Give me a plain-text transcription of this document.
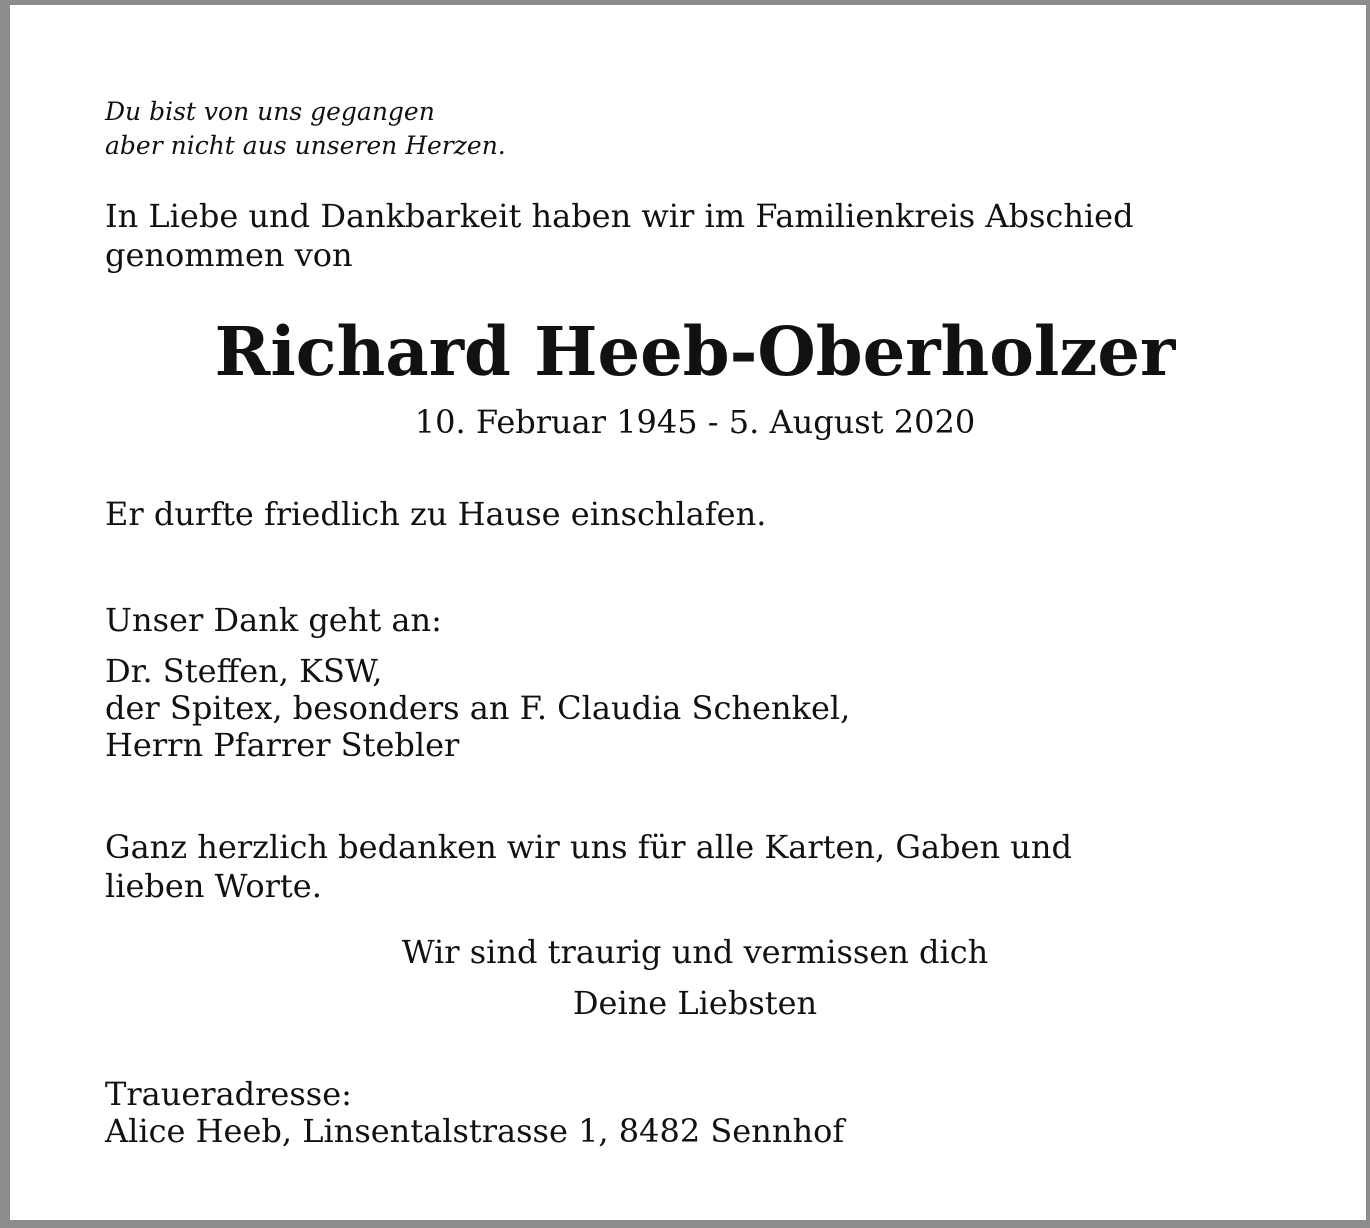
Du bist von uns gegangen
aber nicht aus unseren Herzen.
In Liebe und Dankbarkeit haben wir im Familienkreis Abschied
genommen von
Richard Heeb-Oberholzer
10. Februar 1945 - 5. August 2020
Er durfte friedlich zu Hause einschlafen.
Unser Dank geht an:
Dr. Steffen, KSW,
der Spitex, besonders an F. Claudia Schenkel,
Herrn Pfarrer Stebler
Ganz herzlich bedanken wir uns für alle Karten, Gaben und
lieben Worte.
Wir sind traurig und vermissen dich
Deine Liebsten
Traueradresse:
Alice Heeb, Linsentalstrasse 1, 8482 Sennhof
